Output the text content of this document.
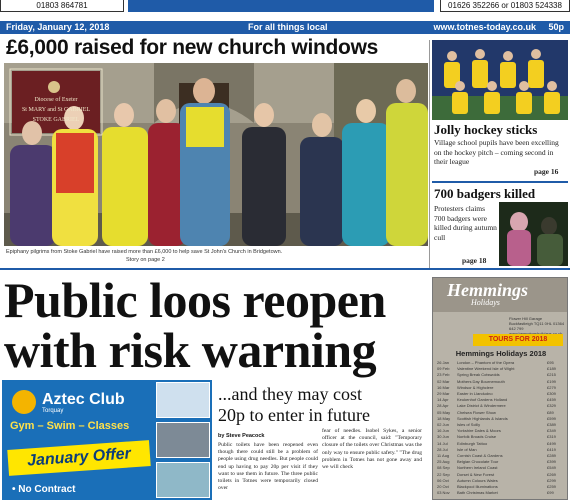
01803 864781	01626 352266 or 01803 524338
Friday, January 12, 2018	For all things local	www.totnes-today.co.uk 50p
£6,000 raised for new church windows
Diocese of Exeter
St MARY and St GABRIEL
STOKE GABRIEL
Epiphany pilgrims from Stoke Gabriel have raised more than £6,000 to help save St John's Church in Bridgetown.
Story on page 2
Jolly hockey sticks
Village school pupils have been excelling on the hockey pitch – coming second in their league
page 16
700 badgers killed
Protesters claims 700 badgers were killed during autumn cull
page 18
Public loos reopen
with risk warning
Aztec Club
Torquay
Gym – Swim – Classes
January Offer
• No Contract
...and they may cost
20p to enter in future
by Steve Peacock
Public toilets have been reopened even though there could still be a problem of people using drug needles. But people could end up having to pay 20p per visit if they want to use them in future. The three public toilets in Totnes were temporarily closed over
fear of needles. Isobel Sykes, a senior officer at the council, said: "Temporary closure of the toilets over Christmas was the only way to ensure public safety." "The drug problem in Totnes has not gone away and we will check
Hemmings
Holidays
Flower Hill Garage Buckfastleigh TQ11 0HL 01364 642 799
TOURS FOR 2018
Hemmings Holidays 2018
26 Jan London – Phantom of the Opera	£95
09 Feb Valentine Weekend Isle of Wight	£189
23 Feb Spring Break Cotswolds	£215
02 Mar Mothers Day Bournemouth	£199
16 Mar Windsor & Highclere	£279
29 Mar Easter in Llandudno	£309
14 Apr Keukenhof Gardens Holland	£459
28 Apr Lake District & Windermere	£329
05 May Chelsea Flower Show	£89
18 May Scottish Highlands & Islands	£599
02 Jun Isles of Scilly	£389
16 Jun Yorkshire Dales & Moors	£349
30 Jun Norfolk Broads Cruise	£319
14 Jul Edinburgh Tattoo	£499
28 Jul Isle of Man	£419
11 Aug Cornish Coast & Gardens	£289
25 Aug Belgian Chocolate Tour	£399
08 Sep Northern Ireland Coast	£549
22 Sep Dorset & New Forest	£269
06 Oct Autumn Colours Wales	£299
20 Oct Blackpool Illuminations	£259
03 Nov Bath Christmas Market	£99
